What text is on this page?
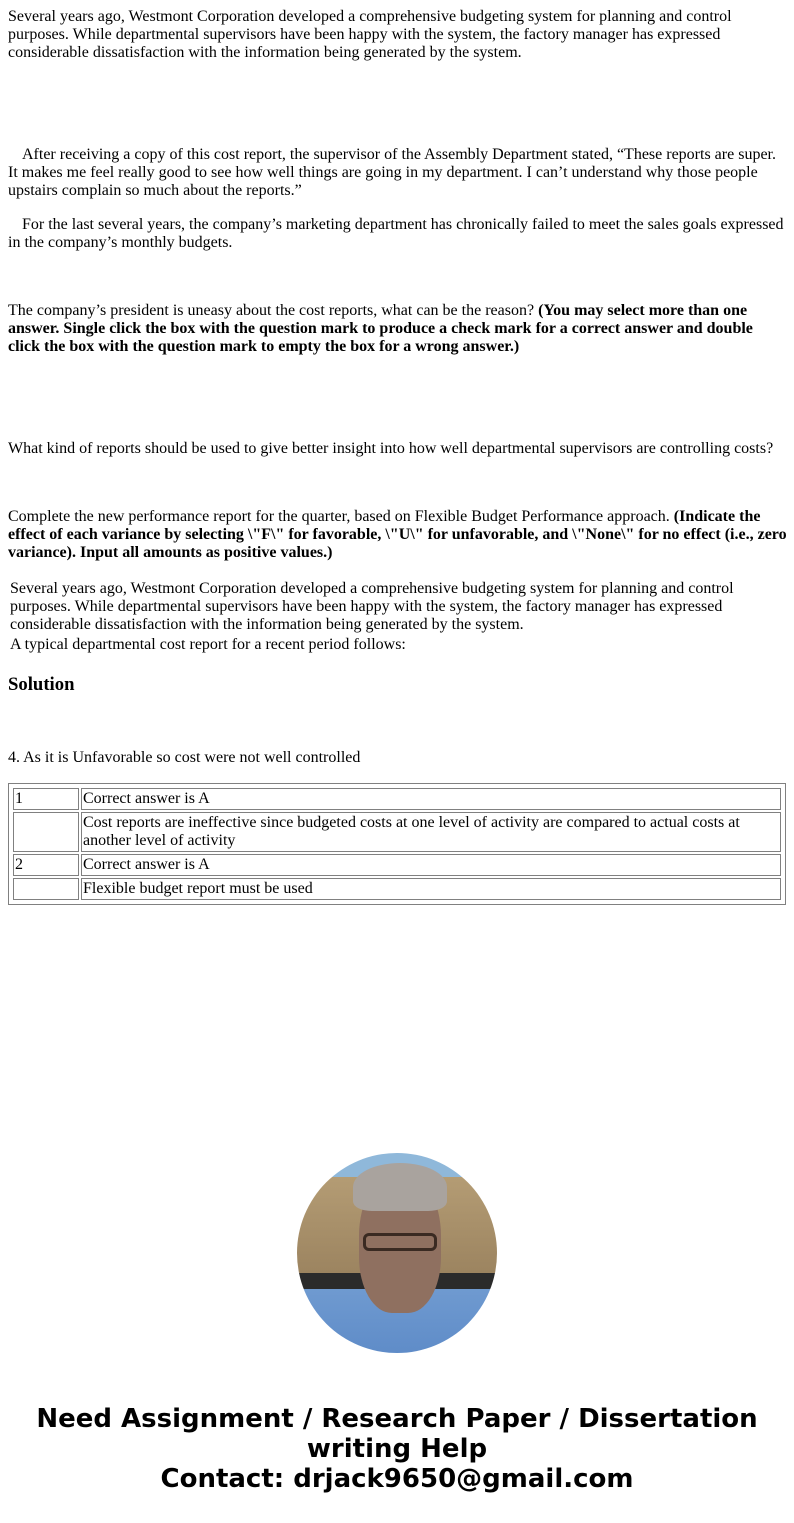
Several years ago, Westmont Corporation developed a comprehensive budgeting system for planning and control purposes. While departmental supervisors have been happy with the system, the factory manager has expressed considerable dissatisfaction with the information being generated by the system.

After receiving a copy of this cost report, the supervisor of the Assembly Department stated, “These reports are super. It makes me feel really good to see how well things are going in my department. I can’t understand why those people upstairs complain so much about the reports.”

For the last several years, the company’s marketing department has chronically failed to meet the sales goals expressed in the company’s monthly budgets.

The company’s president is uneasy about the cost reports, what can be the reason? (You may select more than one answer. Single click the box with the question mark to produce a check mark for a correct answer and double click the box with the question mark to empty the box for a wrong answer.)

What kind of reports should be used to give better insight into how well departmental supervisors are controlling costs?

Complete the new performance report for the quarter, based on Flexible Budget Performance approach. (Indicate the effect of each variance by selecting \"F\" for favorable, \"U\" for unfavorable, and \"None\" for no effect (i.e., zero variance). Input all amounts as positive values.)

Several years ago, Westmont Corporation developed a comprehensive budgeting system for planning and control purposes. While departmental supervisors have been happy with the system, the factory manager has expressed considerable dissatisfaction with the information being generated by the system.

A typical departmental cost report for a recent period follows:

Solution

4. As it is Unfavorable so cost were not well controlled

1	Correct answer is A
	Cost reports are ineffective since budgeted costs at one level of activity are compared to actual costs at another level of activity
2	Correct answer is A
	Flexible budget report must be used
Need Assignment / Research Paper / Dissertation
writing Help
Contact: drjack9650@gmail.com
